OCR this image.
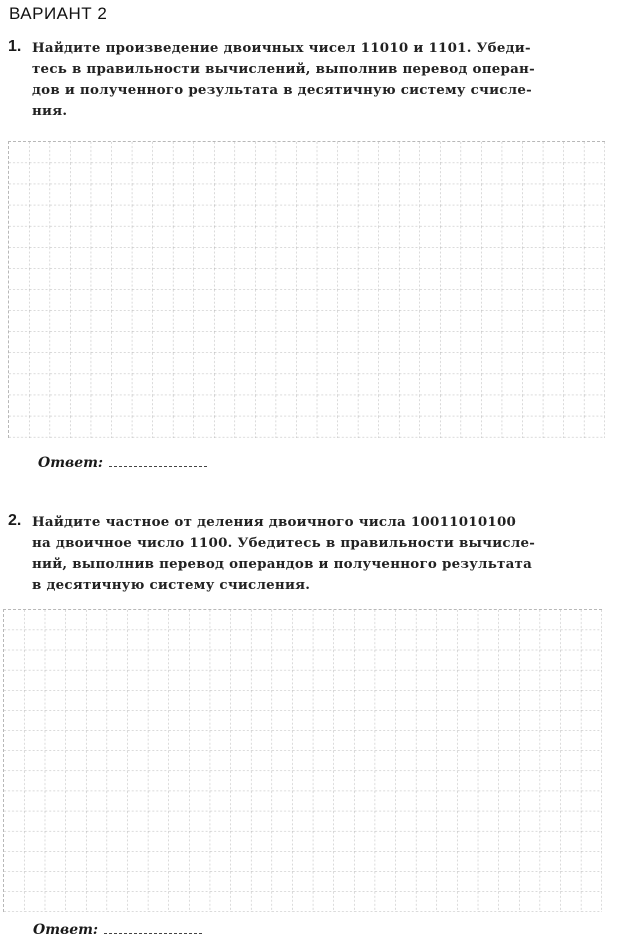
ВАРИАНТ 2
1. Найдите произведение двоичных чисел 11010 и 1101. Убеди-
тесь в правильности вычислений, выполнив перевод операн-
дов и полученного результата в десятичную систему счисле-
ния.
Ответ:
2. Найдите частное от деления двоичного числа 10011010100
на двоичное число 1100. Убедитесь в правильности вычислe-
ний, выполнив перевод операндов и полученного результата
в десятичную систему счисления.
Ответ:
